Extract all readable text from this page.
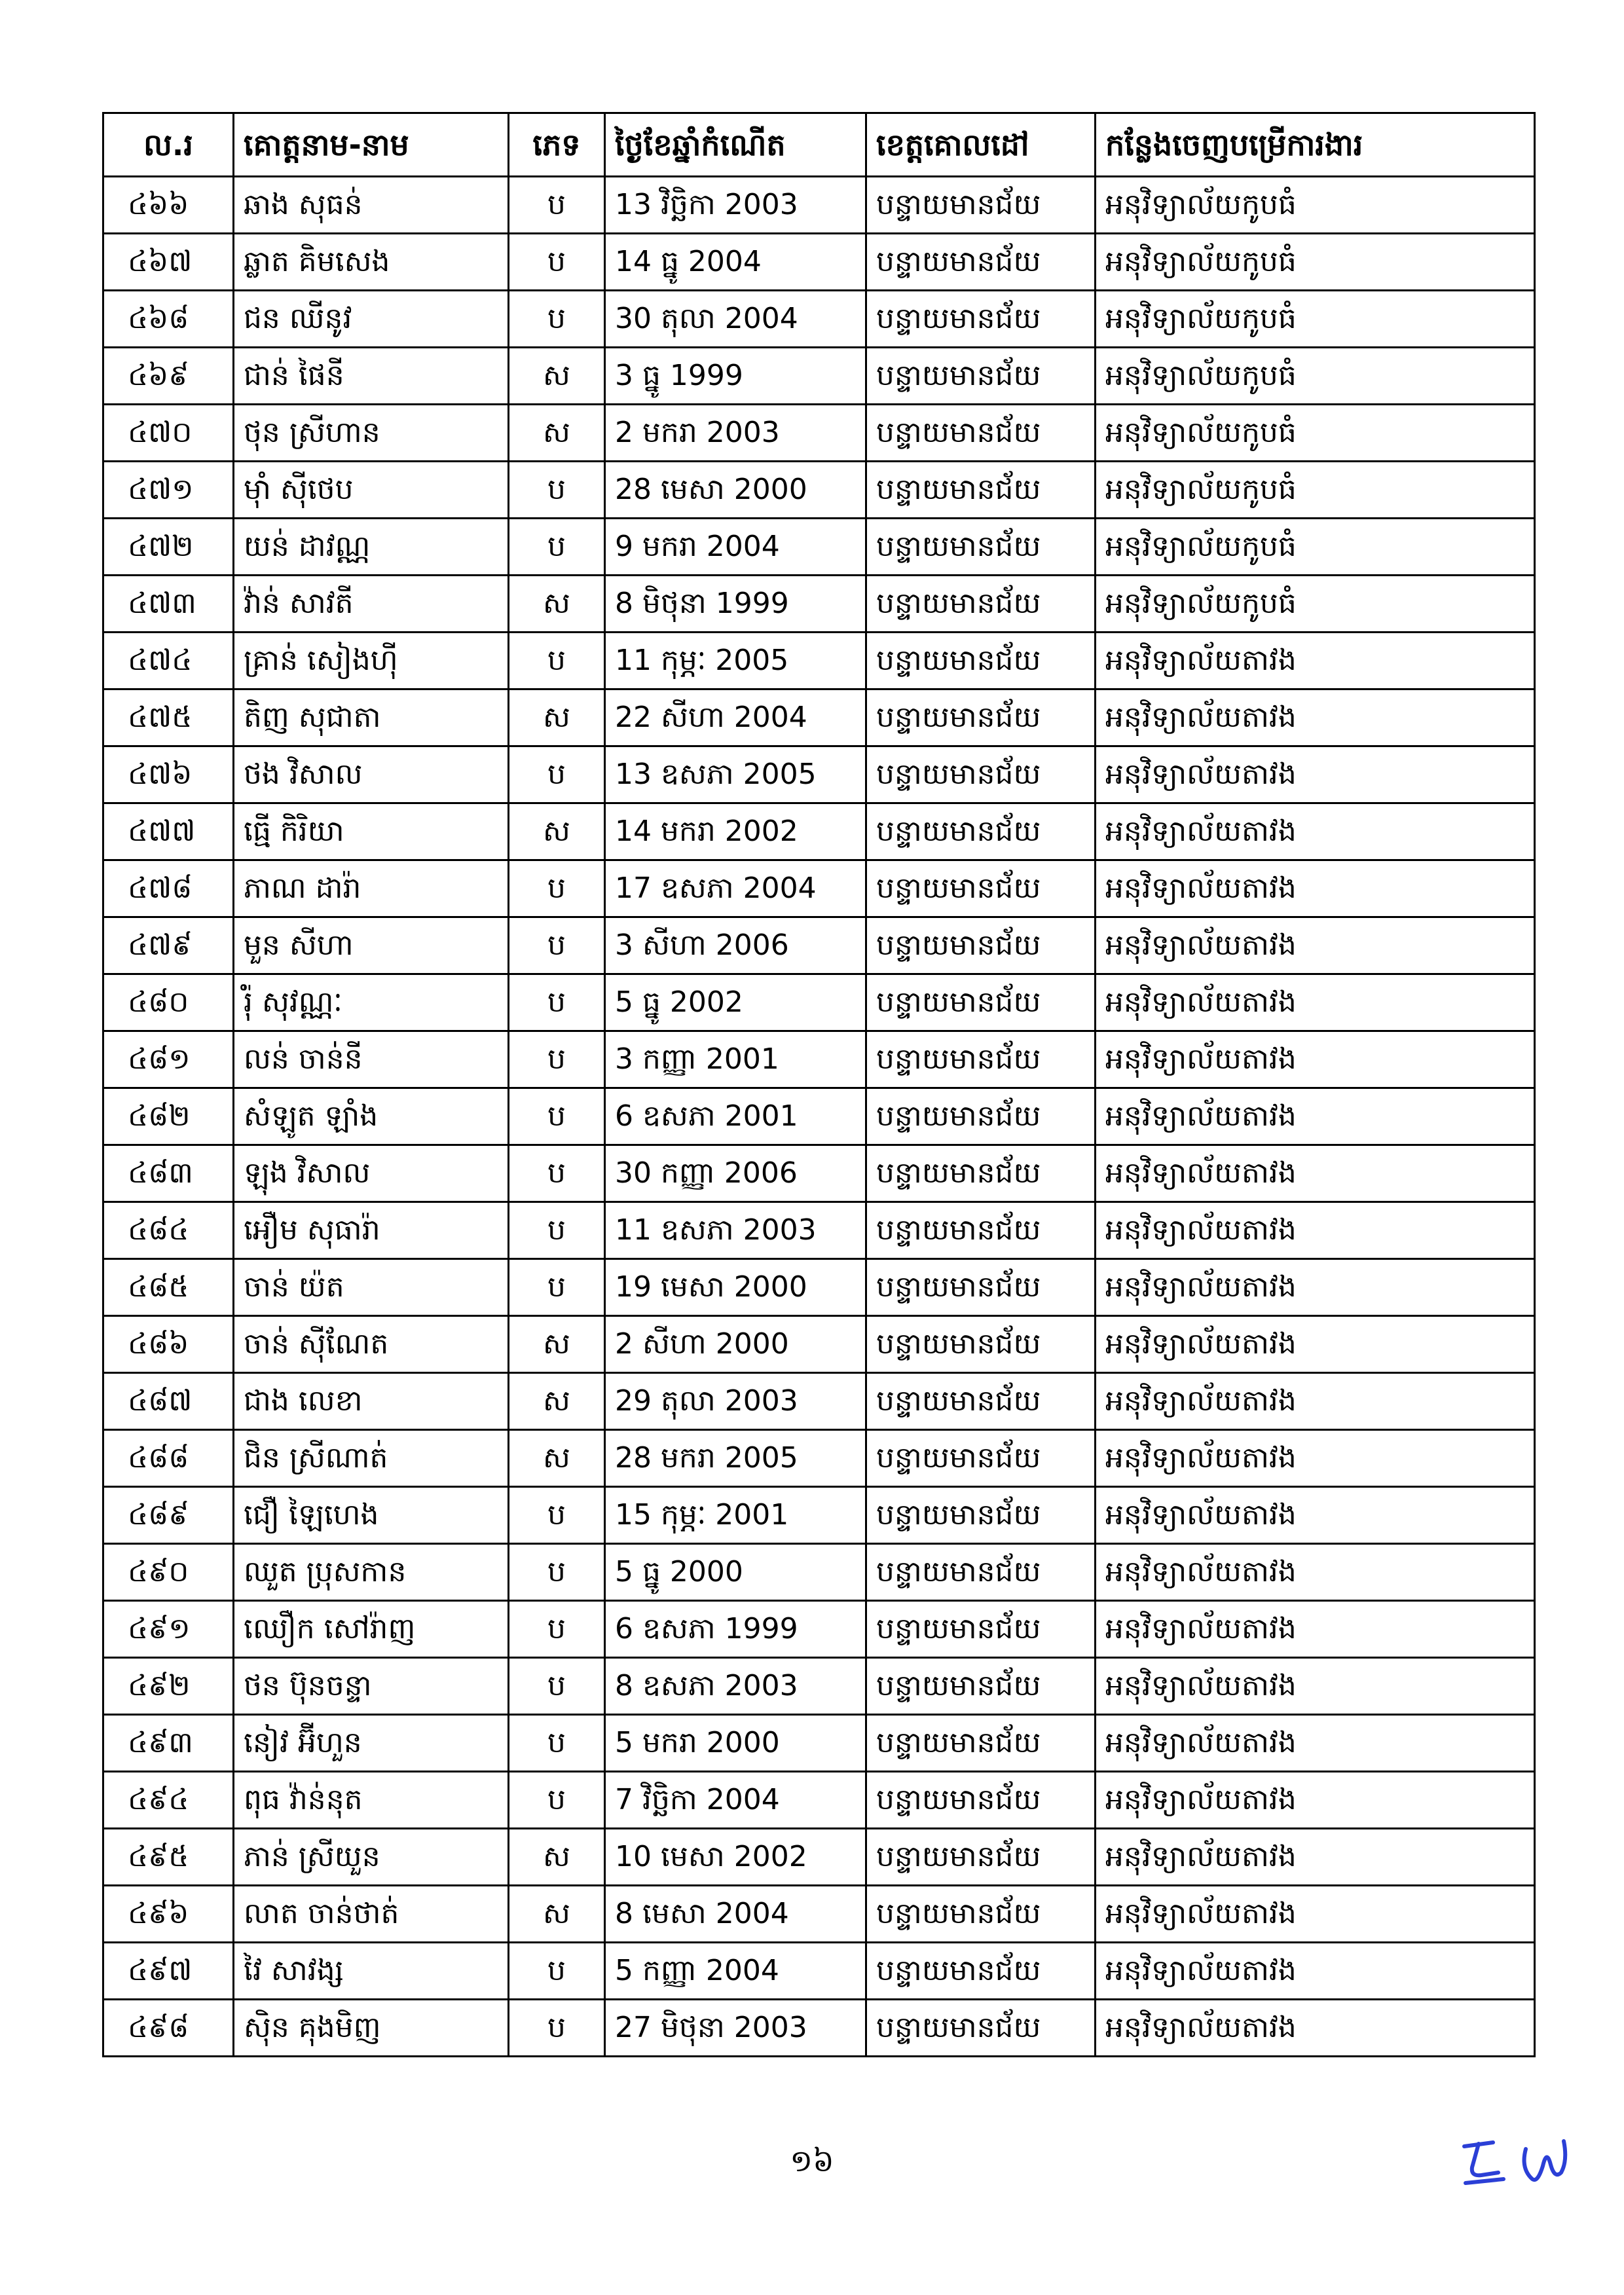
ល.រ	គោត្តនាម-នាម	ភេទ	ថ្ងៃខែឆ្នាំកំណើត	ខេត្តគោលដៅ	កន្លែងចេញបម្រើការងារ
៤៦៦	ឆាង សុធន់	ប	13 វិច្ឆិកា 2003	បន្ទាយមានជ័យ	អនុវិទ្យាល័យកូបធំ
៤៦៧	ឆ្លាត គិមសេង	ប	14 ធ្នូ 2004	បន្ទាយមានជ័យ	អនុវិទ្យាល័យកូបធំ
៤៦៨	ជន ឈីនូវ	ប	30 តុលា 2004	បន្ទាយមានជ័យ	អនុវិទ្យាល័យកូបធំ
៤៦៩	ជាន់ ផៃនី	ស	3 ធ្នូ 1999	បន្ទាយមានជ័យ	អនុវិទ្យាល័យកូបធំ
៤៧០	ថុន ស្រីហាន	ស	2 មករា 2003	បន្ទាយមានជ័យ	អនុវិទ្យាល័យកូបធំ
៤៧១	ម៉ាំ ស៊ីថេប	ប	28 មេសា 2000	បន្ទាយមានជ័យ	អនុវិទ្យាល័យកូបធំ
៤៧២	យន់ ដាវណ្ណ	ប	9 មករា 2004	បន្ទាយមានជ័យ	អនុវិទ្យាល័យកូបធំ
៤៧៣	វ៉ាន់ សាវតី	ស	8 មិថុនា 1999	បន្ទាយមានជ័យ	អនុវិទ្យាល័យកូបធំ
៤៧៤	គ្រាន់ សៀងហ៊ី	ប	11 កុម្ភៈ 2005	បន្ទាយមានជ័យ	អនុវិទ្យាល័យតាវង
៤៧៥	តិញ សុជាតា	ស	22 សីហា 2004	បន្ទាយមានជ័យ	អនុវិទ្យាល័យតាវង
៤៧៦	ថង វិសាល	ប	13 ឧសភា 2005	បន្ទាយមានជ័យ	អនុវិទ្យាល័យតាវង
៤៧៧	ធ្មើ កិរិយា	ស	14 មករា 2002	បន្ទាយមានជ័យ	អនុវិទ្យាល័យតាវង
៤៧៨	ភាណ ដារ៉ា	ប	17 ឧសភា 2004	បន្ទាយមានជ័យ	អនុវិទ្យាល័យតាវង
៤៧៩	មួន សីហា	ប	3 សីហា 2006	បន្ទាយមានជ័យ	អនុវិទ្យាល័យតាវង
៤៨០	រ៉ុំ សុវណ្ណៈ	ប	5 ធ្នូ 2002	បន្ទាយមានជ័យ	អនុវិទ្យាល័យតាវង
៤៨១	លន់ ចាន់នី	ប	3 កញ្ញា 2001	បន្ទាយមានជ័យ	អនុវិទ្យាល័យតាវង
៤៨២	សំឡូត ឡាំង	ប	6 ឧសភា 2001	បន្ទាយមានជ័យ	អនុវិទ្យាល័យតាវង
៤៨៣	ឡុង វិសាល	ប	30 កញ្ញា 2006	បន្ទាយមានជ័យ	អនុវិទ្យាល័យតាវង
៤៨៤	អឿម សុធារ៉ា	ប	11 ឧសភា 2003	បន្ទាយមានជ័យ	អនុវិទ្យាល័យតាវង
៤៨៥	ចាន់ យ៉ត	ប	19 មេសា 2000	បន្ទាយមានជ័យ	អនុវិទ្យាល័យតាវង
៤៨៦	ចាន់ ស៊ីណែត	ស	2 សីហា 2000	បន្ទាយមានជ័យ	អនុវិទ្យាល័យតាវង
៤៨៧	ជាង លេខា	ស	29 តុលា 2003	បន្ទាយមានជ័យ	អនុវិទ្យាល័យតាវង
៤៨៨	ជិន ស្រីណាត់	ស	28 មករា 2005	បន្ទាយមានជ័យ	អនុវិទ្យាល័យតាវង
៤៨៩	ជឿ ឡៃហេង	ប	15 កុម្ភៈ 2001	បន្ទាយមានជ័យ	អនុវិទ្យាល័យតាវង
៤៩០	ឈួត ប្រុសកាន	ប	5 ធ្នូ 2000	បន្ទាយមានជ័យ	អនុវិទ្យាល័យតាវង
៤៩១	ឈឿក សៅរ៉ាញ	ប	6 ឧសភា 1999	បន្ទាយមានជ័យ	អនុវិទ្យាល័យតាវង
៤៩២	ថន ប៊ុនចន្ទា	ប	8 ឧសភា 2003	បន្ទាយមានជ័យ	អនុវិទ្យាល័យតាវង
៤៩៣	នៀវ អ៊ីហួន	ប	5 មករា 2000	បន្ទាយមានជ័យ	អនុវិទ្យាល័យតាវង
៤៩៤	ពុធ វ៉ាន់នុត	ប	7 វិច្ឆិកា 2004	បន្ទាយមានជ័យ	អនុវិទ្យាល័យតាវង
៤៩៥	ភាន់ ស្រីយួន	ស	10 មេសា 2002	បន្ទាយមានជ័យ	អនុវិទ្យាល័យតាវង
៤៩៦	លាត ចាន់ថាត់	ស	8 មេសា 2004	បន្ទាយមានជ័យ	អនុវិទ្យាល័យតាវង
៤៩៧	វៃ សាវង្ស	ប	5 កញ្ញា 2004	បន្ទាយមានជ័យ	អនុវិទ្យាល័យតាវង
៤៩៨	ស៊ិន គុងមិញ	ប	27 មិថុនា 2003	បន្ទាយមានជ័យ	អនុវិទ្យាល័យតាវង
១៦
